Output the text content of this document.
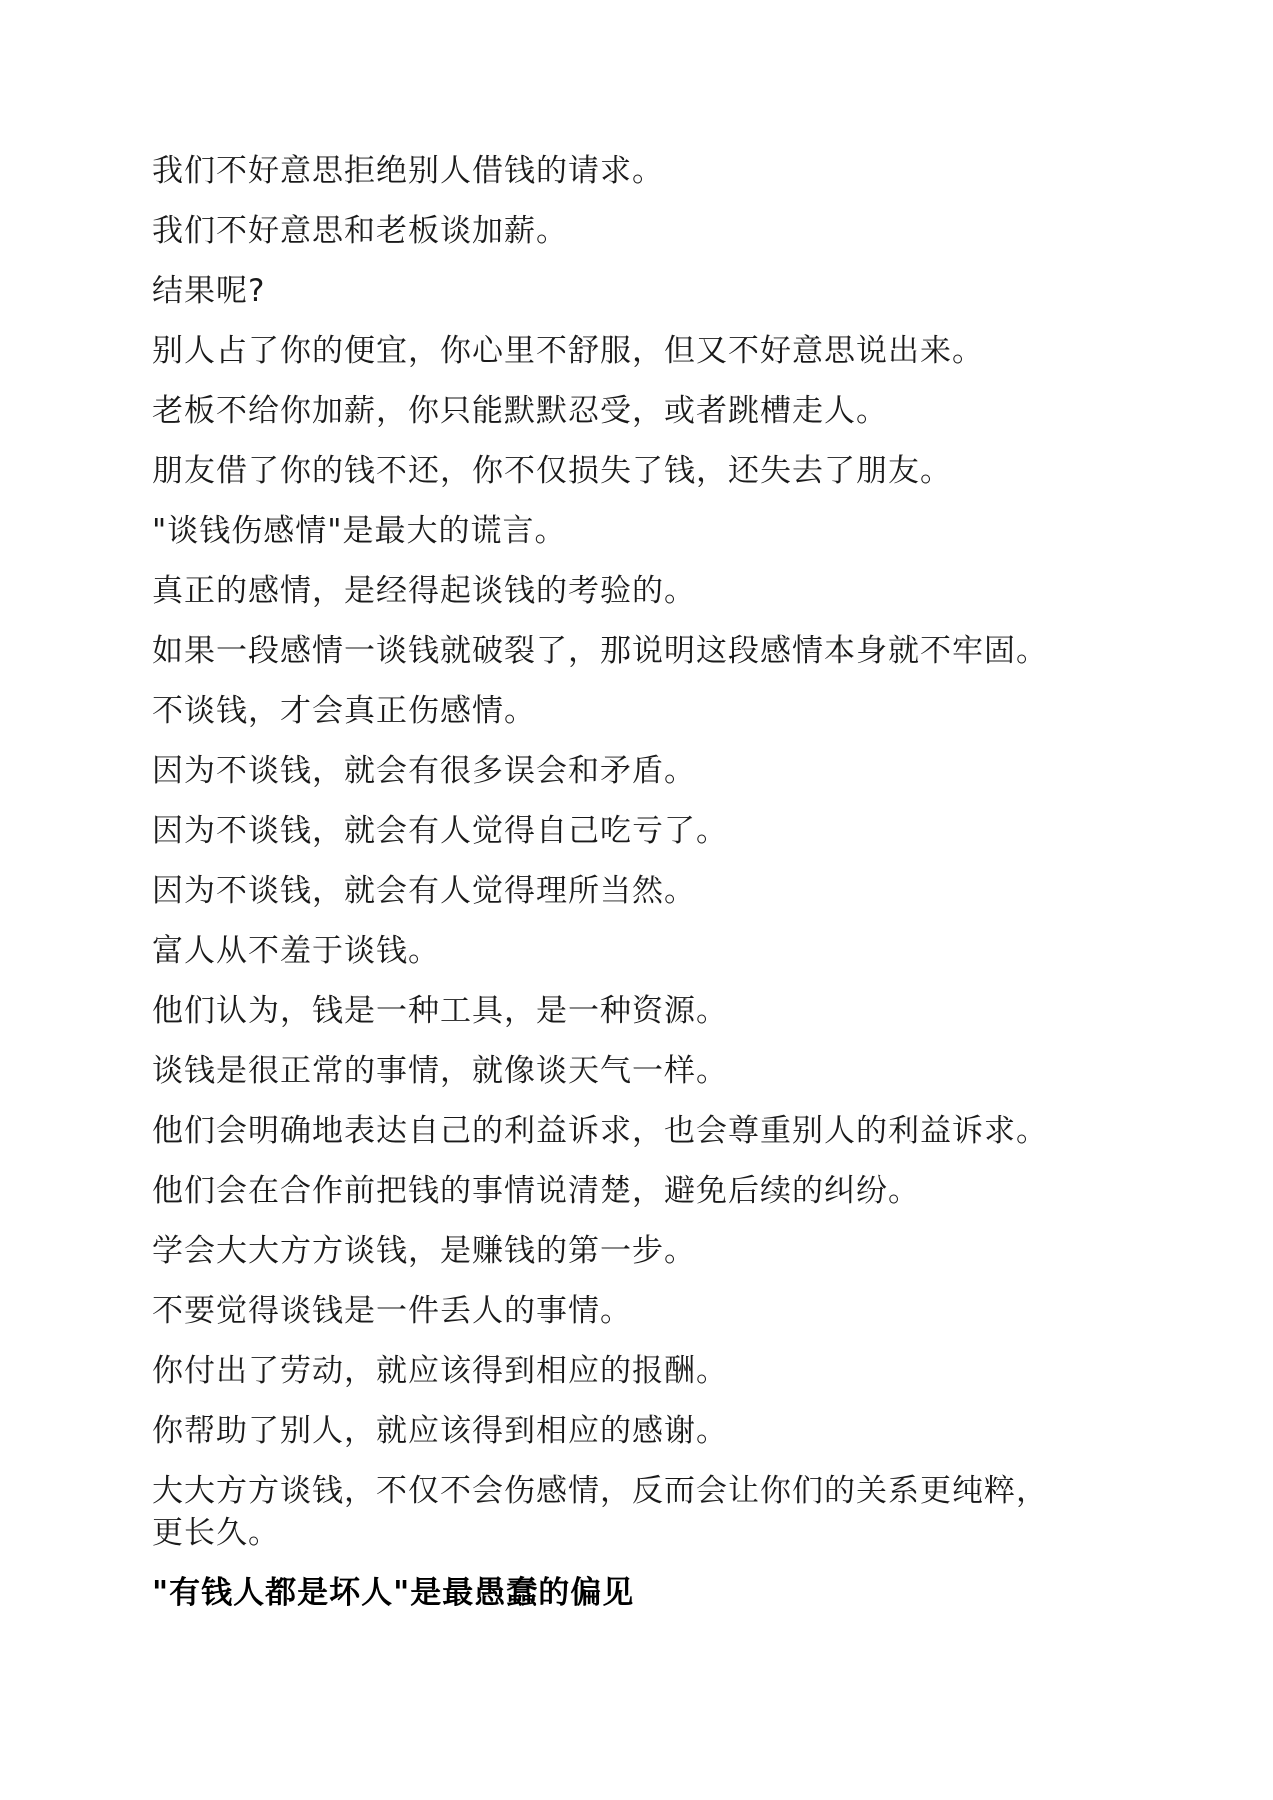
我们不好意思拒绝别人借钱的请求。

我们不好意思和老板谈加薪。

结果呢?

别人占了你的便宜，你心里不舒服，但又不好意思说出来。

老板不给你加薪，你只能默默忍受，或者跳槽走人。

朋友借了你的钱不还，你不仅损失了钱，还失去了朋友。

"谈钱伤感情"是最大的谎言。

真正的感情，是经得起谈钱的考验的。

如果一段感情一谈钱就破裂了，那说明这段感情本身就不牢固。

不谈钱，才会真正伤感情。

因为不谈钱，就会有很多误会和矛盾。

因为不谈钱，就会有人觉得自己吃亏了。

因为不谈钱，就会有人觉得理所当然。

富人从不羞于谈钱。

他们认为，钱是一种工具，是一种资源。

谈钱是很正常的事情，就像谈天气一样。

他们会明确地表达自己的利益诉求，也会尊重别人的利益诉求。

他们会在合作前把钱的事情说清楚，避免后续的纠纷。

学会大大方方谈钱，是赚钱的第一步。

不要觉得谈钱是一件丢人的事情。

你付出了劳动，就应该得到相应的报酬。

你帮助了别人，就应该得到相应的感谢。

大大方方谈钱，不仅不会伤感情，反而会让你们的关系更纯粹，更长久。

"有钱人都是坏人"是最愚蠢的偏见
